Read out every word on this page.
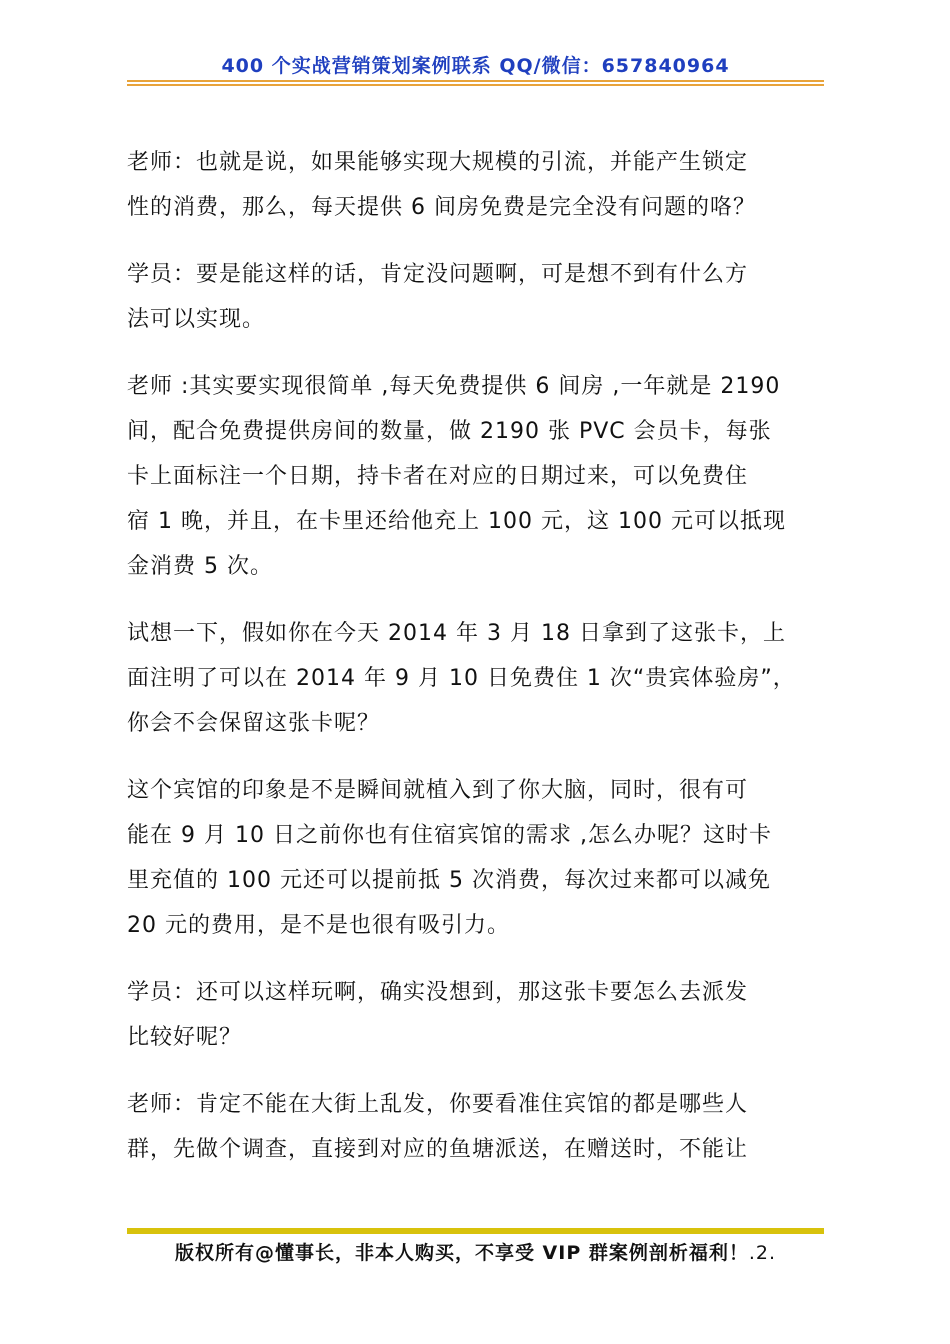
400 个实战营销策划案例联系 QQ/微信：657840964

老师：也就是说，如果能够实现大规模的引流，并能产生锁定
性的消费，那么，每天提供 6 间房免费是完全没有问题的咯？

学员：要是能这样的话，肯定没问题啊，可是想不到有什么方
法可以实现。

老师 :其实要实现很简单 ,每天免费提供 6 间房 ,一年就是 2190
间，配合免费提供房间的数量，做 2190 张 PVC 会员卡，每张
卡上面标注一个日期，持卡者在对应的日期过来，可以免费住
宿 1 晚，并且，在卡里还给他充上 100 元，这 100 元可以抵现
金消费 5 次。

试想一下，假如你在今天 2014 年 3 月 18 日拿到了这张卡，上
面注明了可以在 2014 年 9 月 10 日免费住 1 次“贵宾体验房”，
你会不会保留这张卡呢？

这个宾馆的印象是不是瞬间就植入到了你大脑，同时，很有可
能在 9 月 10 日之前你也有住宿宾馆的需求 ,怎么办呢？这时卡
里充值的 100 元还可以提前抵 5 次消费，每次过来都可以减免
20 元的费用，是不是也很有吸引力。

学员：还可以这样玩啊，确实没想到，那这张卡要怎么去派发
比较好呢？

老师：肯定不能在大街上乱发，你要看准住宾馆的都是哪些人
群，先做个调查，直接到对应的鱼塘派送，在赠送时，不能让

版权所有@懂事长，非本人购买，不享受 VIP 群案例剖析福利！.2.
